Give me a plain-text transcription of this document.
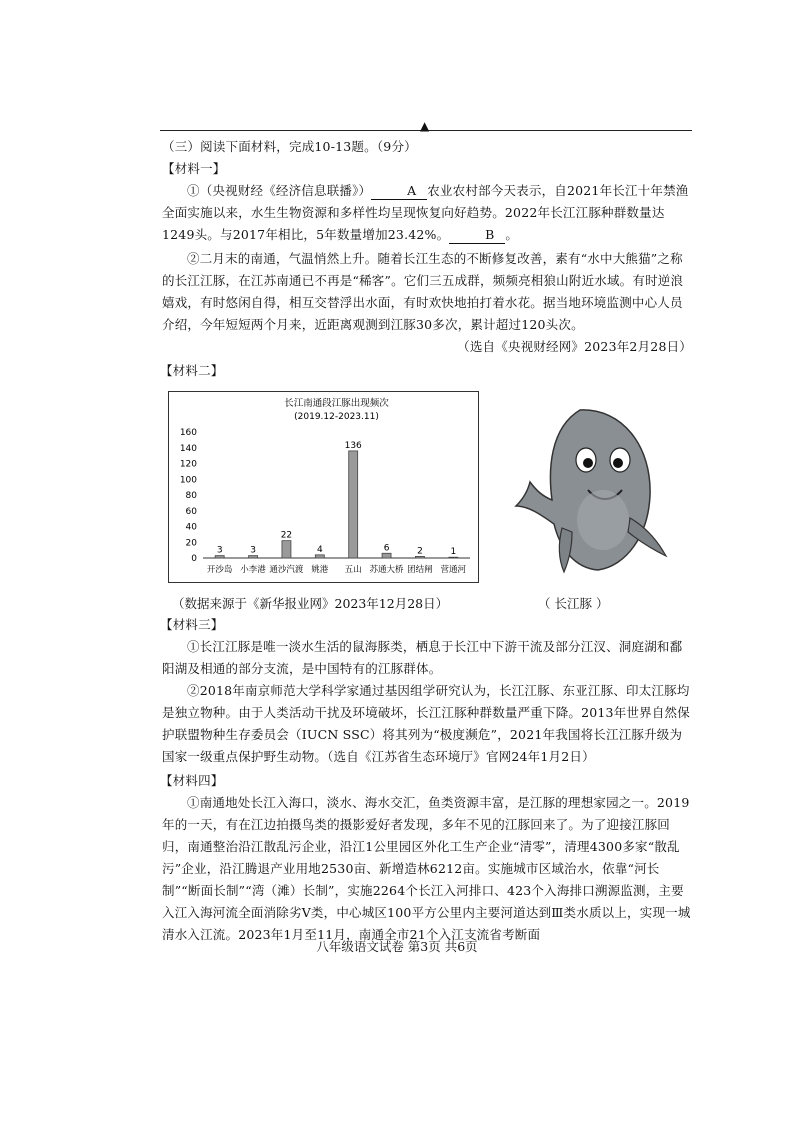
▲
（三）阅读下面材料，完成10-13题。（9分）
【材料一】
①（央视财经《经济信息联播》）	A 农业农村部今天表示，自2021年长江十年禁渔全面实施以来，水生生物资源和多样性均呈现恢复向好趋势。2022年长江江豚种群数量达1249头。与2017年相比，5年数量增加23.42%。	B 。
②二月末的南通，气温悄然上升。随着长江生态的不断修复改善，素有“水中大熊猫”之称的长江江豚，在江苏南通已不再是“稀客”。它们三五成群，频频亮相狼山附近水域。有时逆浪嬉戏，有时悠闲自得，相互交替浮出水面，有时欢快地拍打着水花。据当地环境监测中心人员介绍，今年短短两个月来，近距离观测到江豚30多次，累计超过120头次。
（选自《央视财经网》2023年2月28日）
【材料二】
长江南通段江豚出现频次
(2019.12-2023.11)
0
20
40
60
80
100
120
140
160
3
开沙岛
3
小李港
22
通沙汽渡
4
姚港
136
五山
6
苏通大桥
2
团结闸
1
营通河
（数据来源于《新华报业网》2023年12月28日）	（ 长江豚 ）
【材料三】
①长江江豚是唯一淡水生活的鼠海豚类，栖息于长江中下游干流及部分江汊、洞庭湖和鄱阳湖及相通的部分支流，是中国特有的江豚群体。
②2018年南京师范大学科学家通过基因组学研究认为，长江江豚、东亚江豚、印太江豚均是独立物种。由于人类活动干扰及环境破坏，长江江豚种群数量严重下降。2013年世界自然保护联盟物种生存委员会（IUCN SSC）将其列为“极度濒危”，2021年我国将长江江豚升级为国家一级重点保护野生动物。（选自《江苏省生态环境厅》官网24年1月2日）
【材料四】
①南通地处长江入海口，淡水、海水交汇，鱼类资源丰富，是江豚的理想家园之一。2019年的一天，有在江边拍摄鸟类的摄影爱好者发现，多年不见的江豚回来了。为了迎接江豚回归，南通整治沿江散乱污企业，沿江1公里园区外化工生产企业“清零”，清理4300多家“散乱污”企业，沿江腾退产业用地2530亩、新增造林6212亩。实施城市区域治水，依靠“河长制”“断面长制”“湾（滩）长制”，实施2264个长江入河排口、423个入海排口溯源监测，主要入江入海河流全面消除劣Ⅴ类，中心城区100平方公里内主要河道达到Ⅲ类水质以上，实现一城清水入江流。2023年1月至11月，南通全市21个入江支流省考断面
八年级语文试卷 第3页 共6页
